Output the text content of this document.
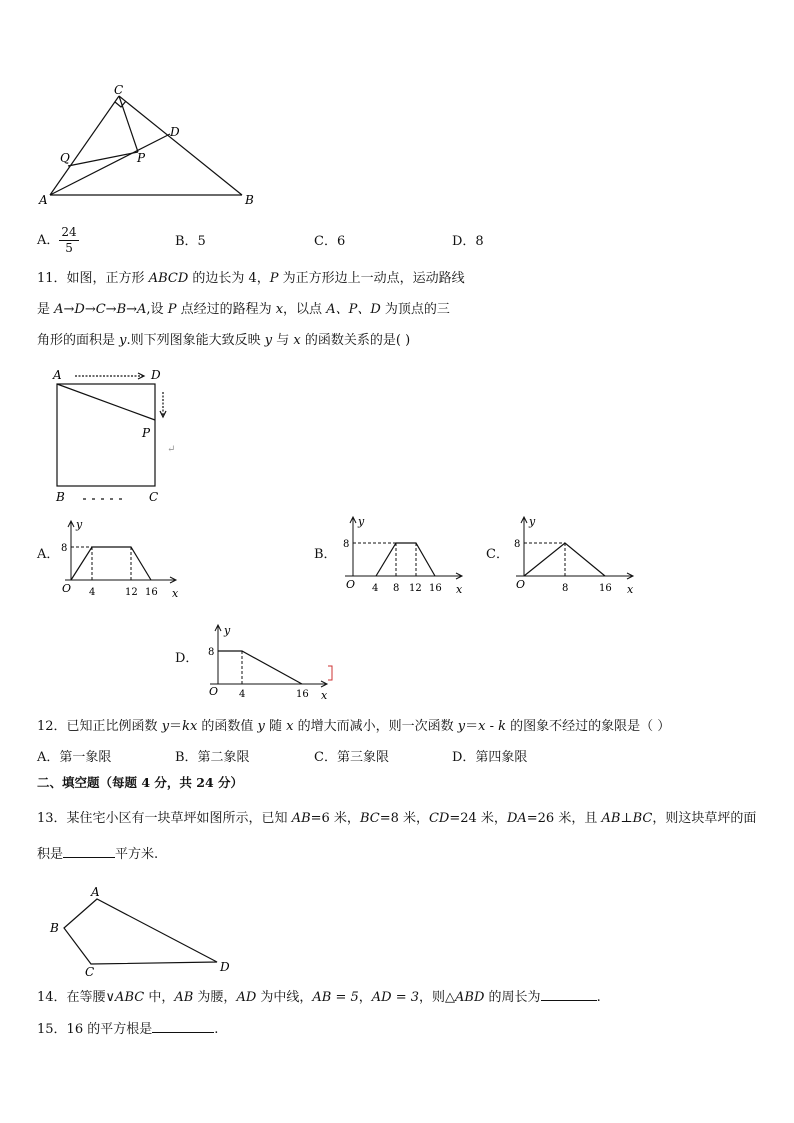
C
D
Q	P
A	B
A． $\frac{24}{5}$	B．5	C．6	D．8
11．如图，正方形 ABCD 的边长为 4，P 为正方形边上一动点，运动路线
是 A→D→C→B→A,设 P 点经过的路程为 x，以点 A、P、D 为顶点的三
角形的面积是 y.则下列图象能大致反映 y 与 x 的函数关系的是( )
A	D
P
↵
B	C
A．
y
8
O 4	12 16 x
B．
y
8
O 4 8 12 16 x
C．
y
8
O	8	16 x
D．
y
8
O 4	16 x
12．已知正比例函数 y＝kx 的函数值 y 随 x 的增大而减小，则一次函数 y＝x - k 的图象不经过的象限是（ ）
A．第一象限	B．第二象限	C．第三象限	D．第四象限
二、填空题（每题 4 分，共 24 分）
13．某住宅小区有一块草坪如图所示，已知 AB=6 米，BC=8 米，CD=24 米，DA=26 米，且 AB⊥BC，则这块草坪的面
积是	平方米.
A
B
C	D
14．在等腰∨ABC 中，AB 为腰，AD 为中线，AB = 5，AD = 3，则△ABD 的周长为	.
15．16 的平方根是	.
